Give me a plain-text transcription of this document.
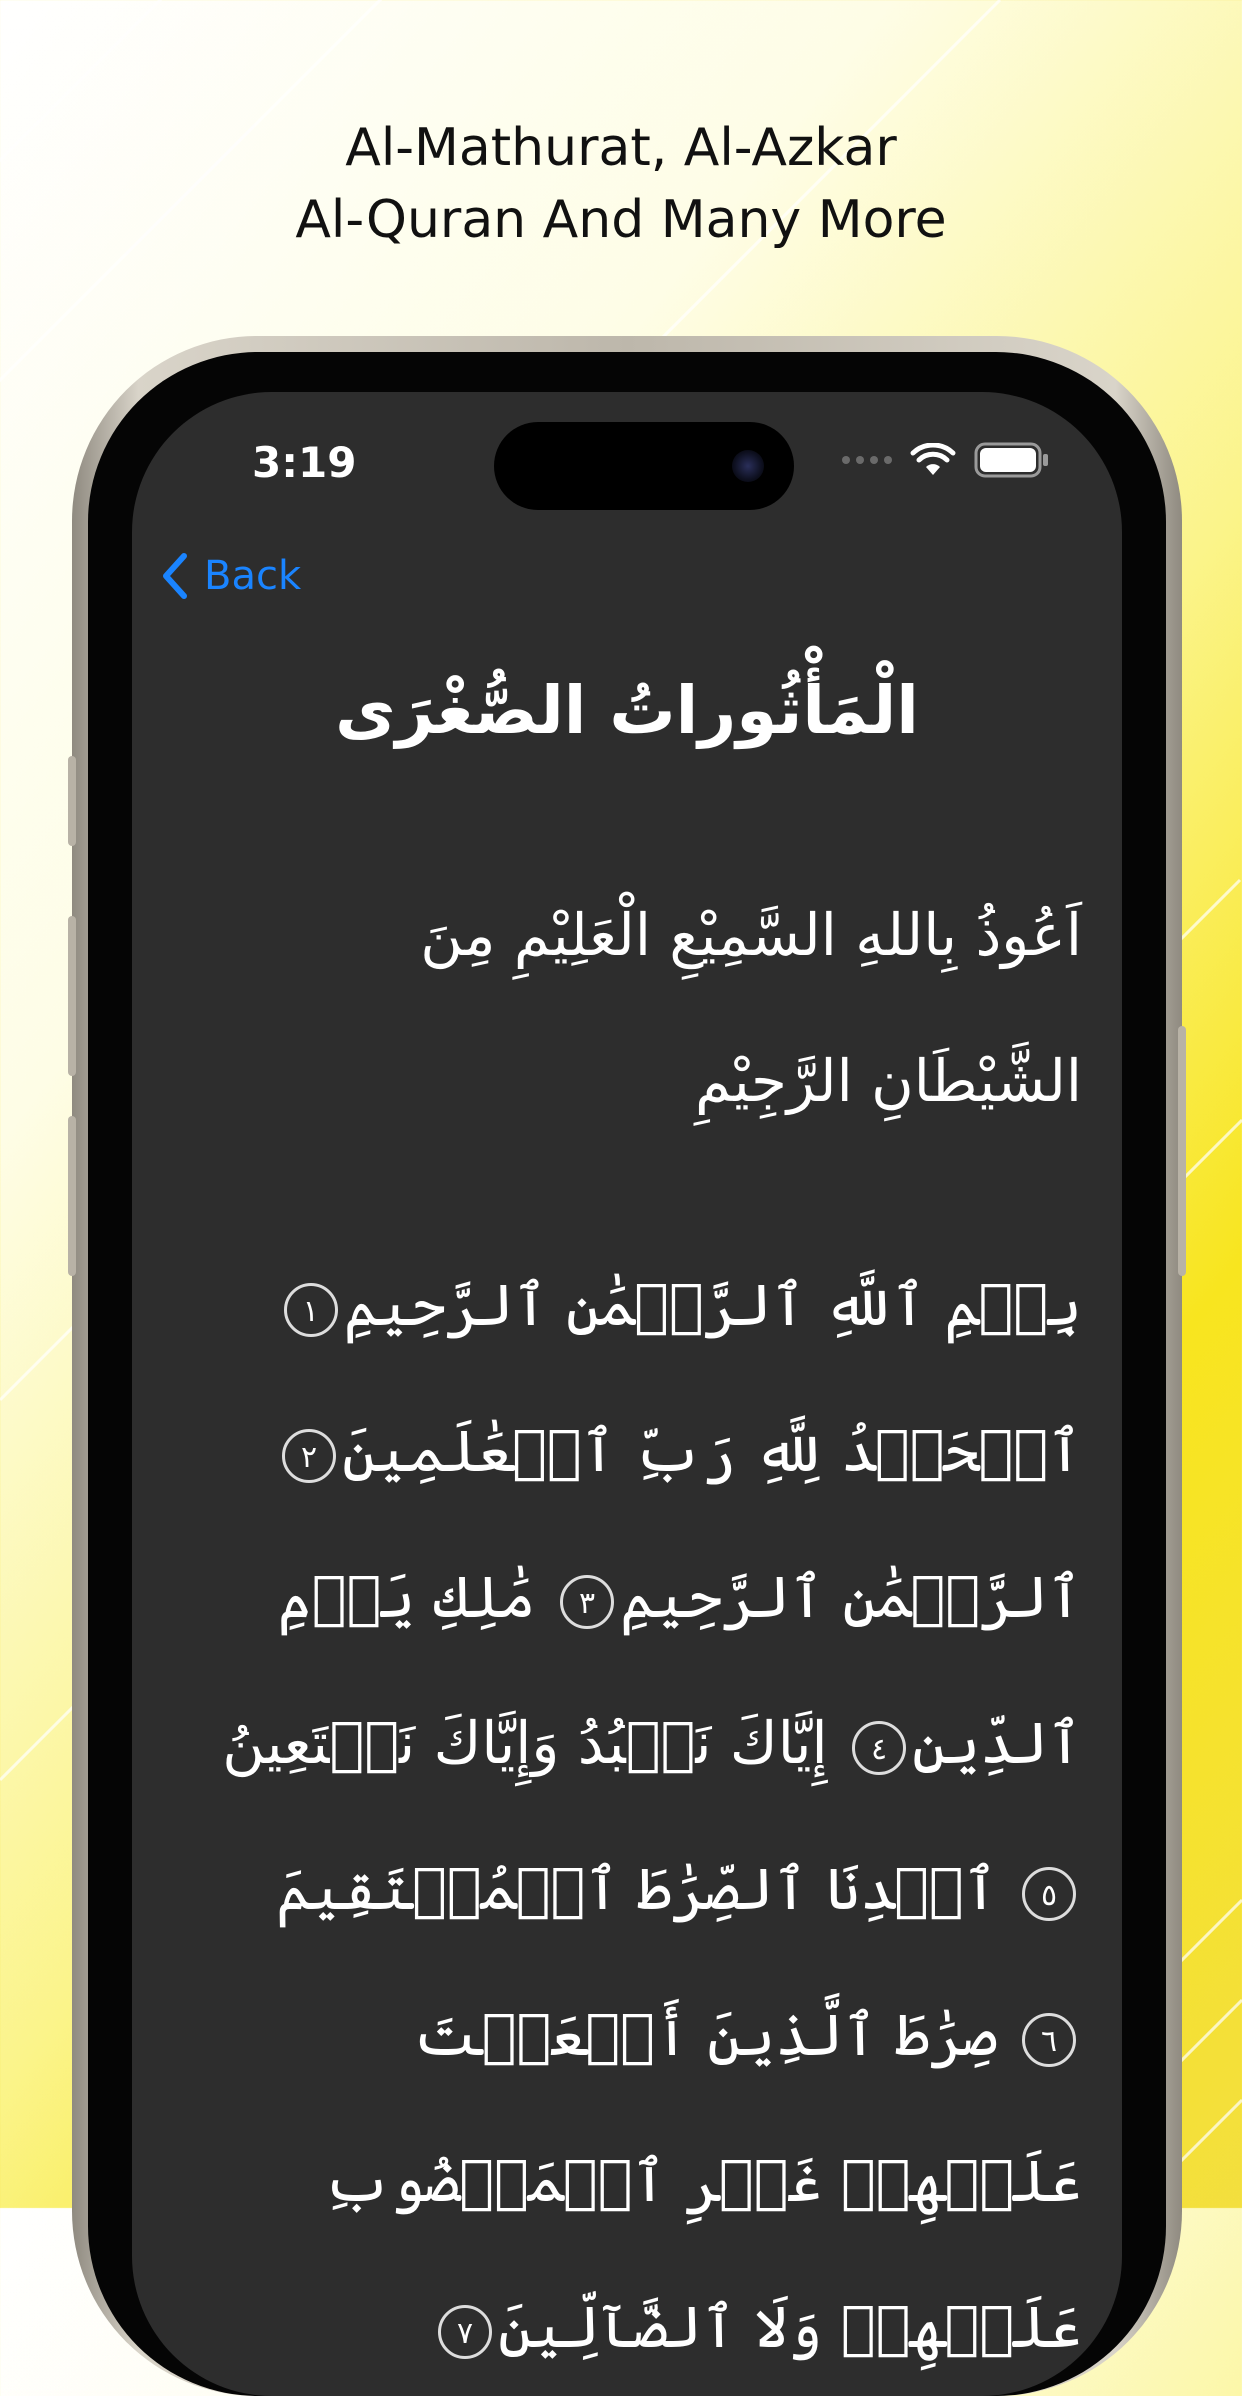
Al-Mathurat, Al-Azkar
Al-Quran And Many More
3:19
Back
الْمَأْثُوراتُ الصُّغْرَى
اَعُوذُ بِاللهِ السَّمِيْعِ الْعَلِيْمِ مِنَ الشَّيْطَانِ الرَّجِيْمِ
بِسۡمِ ٱللَّهِ ٱلرَّحۡمَٰنِ ٱلرَّحِيمِ١ ٱلۡحَمۡدُ لِلَّهِ رَبِّ ٱلۡعَٰلَمِينَ٢ ٱلرَّحۡمَٰنِ ٱلرَّحِيمِ٣ مَٰلِكِ يَوۡمِ ٱلدِّينِ٤ إِيَّاكَ نَعۡبُدُ وَإِيَّاكَ نَسۡتَعِينُ٥ ٱهۡدِنَا ٱلصِّرَٰطَ ٱلۡمُسۡتَقِيمَ٦ صِرَٰطَ ٱلَّذِينَ أَنۡعَمۡتَ عَلَيۡهِمۡ غَيۡرِ ٱلۡمَغۡضُوبِ عَلَيۡهِمۡ وَلَا ٱلضَّآلِّينَ٧
